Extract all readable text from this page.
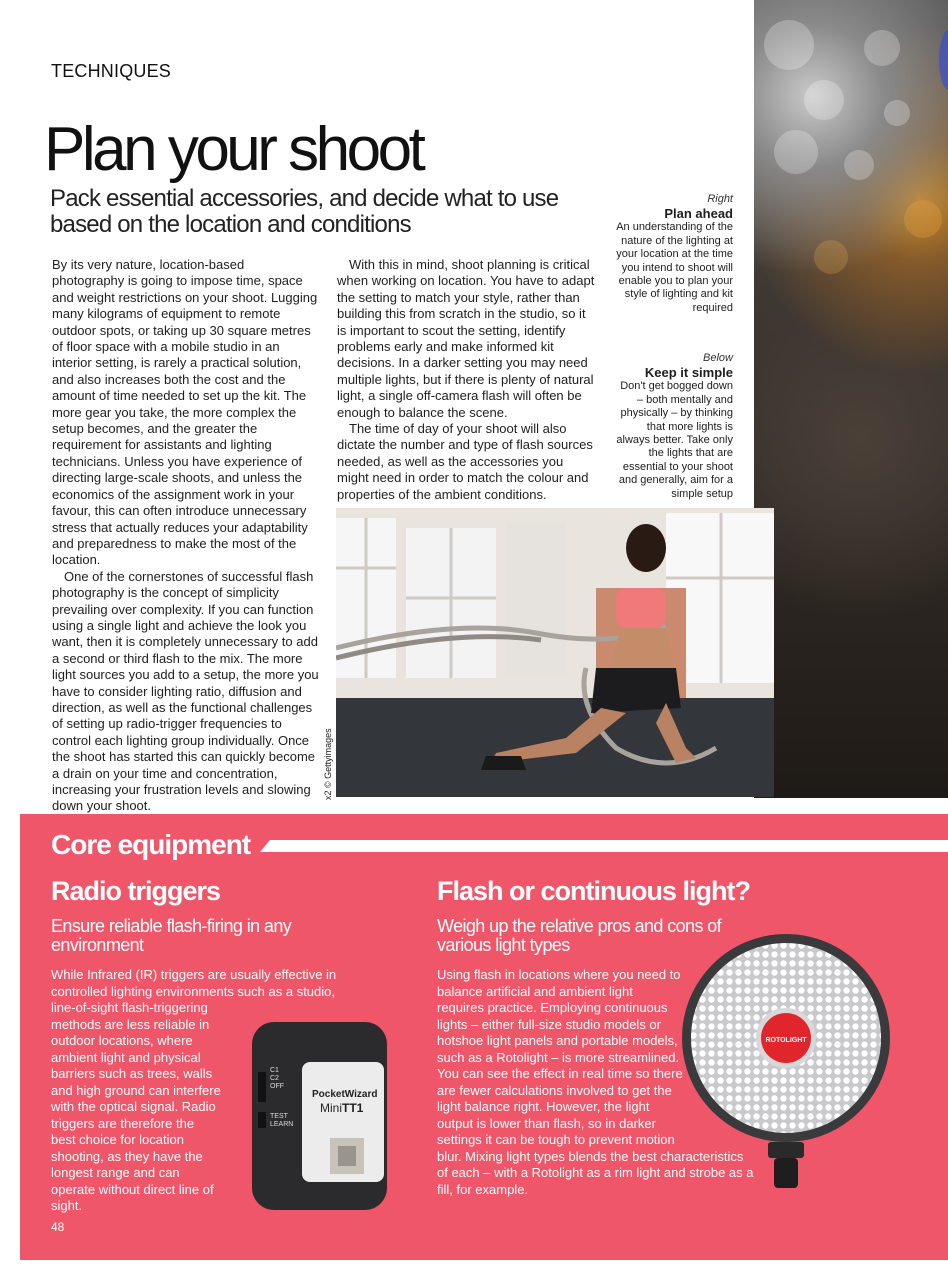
TECHNIQUES
Plan your shoot
Pack essential accessories, and decide what to use based on the location and conditions

By its very nature, location-based photography is going to impose time, space and weight restrictions on your shoot. Lugging many kilograms of equipment to remote outdoor spots, or taking up 30 square metres of floor space with a mobile studio in an interior setting, is rarely a practical solution, and also increases both the cost and the amount of time needed to set up the kit. The more gear you take, the more complex the setup becomes, and the greater the requirement for assistants and lighting technicians. Unless you have experience of directing large-scale shoots, and unless the economics of the assignment work in your favour, this can often introduce unnecessary stress that actually reduces your adaptability and preparedness to make the most of the location.

One of the cornerstones of successful flash photography is the concept of simplicity prevailing over complexity. If you can function using a single light and achieve the look you want, then it is completely unnecessary to add a second or third flash to the mix. The more light sources you add to a setup, the more you have to consider lighting ratio, diffusion and direction, as well as the functional challenges of setting up radio-trigger frequencies to control each lighting group individually. Once the shoot has started this can quickly become a drain on your time and concentration, increasing your frustration levels and slowing down your shoot.

With this in mind, shoot planning is critical when working on location. You have to adapt the setting to match your style, rather than building this from scratch in the studio, so it is important to scout the setting, identify problems early and make informed kit decisions. In a darker setting you may need multiple lights, but if there is plenty of natural light, a single off-camera flash will often be enough to balance the scene.

The time of day of your shoot will also dictate the number and type of flash sources needed, as well as the accessories you might need in order to match the colour and properties of the ambient conditions.

Right
Plan ahead
An understanding of the nature of the lighting at your location at the time you intend to shoot will enable you to plan your style of lighting and kit required
Below
Keep it simple
Don't get bogged down – both mentally and physically – by thinking that more lights is always better. Take only the lights that are essential to your shoot and generally, aim for a simple setup
x2 © Gettyimages
Core equipment
Radio triggers
Ensure reliable flash-firing in any environment
While Infrared (IR) triggers are usually effective in controlled lighting environments such as a studio, line-of-sight flash-triggering methods are less reliable in outdoor locations, where ambient light and physical barriers such as trees, walls and high ground can interfere with the optical signal. Radio triggers are therefore the best choice for location shooting, as they have the longest range and can operate without direct line of sight.
Flash or continuous light?
Weigh up the relative pros and cons of various light types
Using flash in locations where you need to balance artificial and ambient light requires practice. Employing continuous lights – either full-size studio models or hotshoe light panels and portable models, such as a Rotolight – is more streamlined. You can see the effect in real time so there are fewer calculations involved to get the light balance right. However, the light output is lower than flash, so in darker settings it can be tough to prevent motion blur. Mixing light types blends the best characteristics of each – with a Rotolight as a rim light and strobe as a fill, for example.
PocketWizard
MiniTT1
C1
C2
OFF
TEST
LEARN
ROTOLIGHT
48
